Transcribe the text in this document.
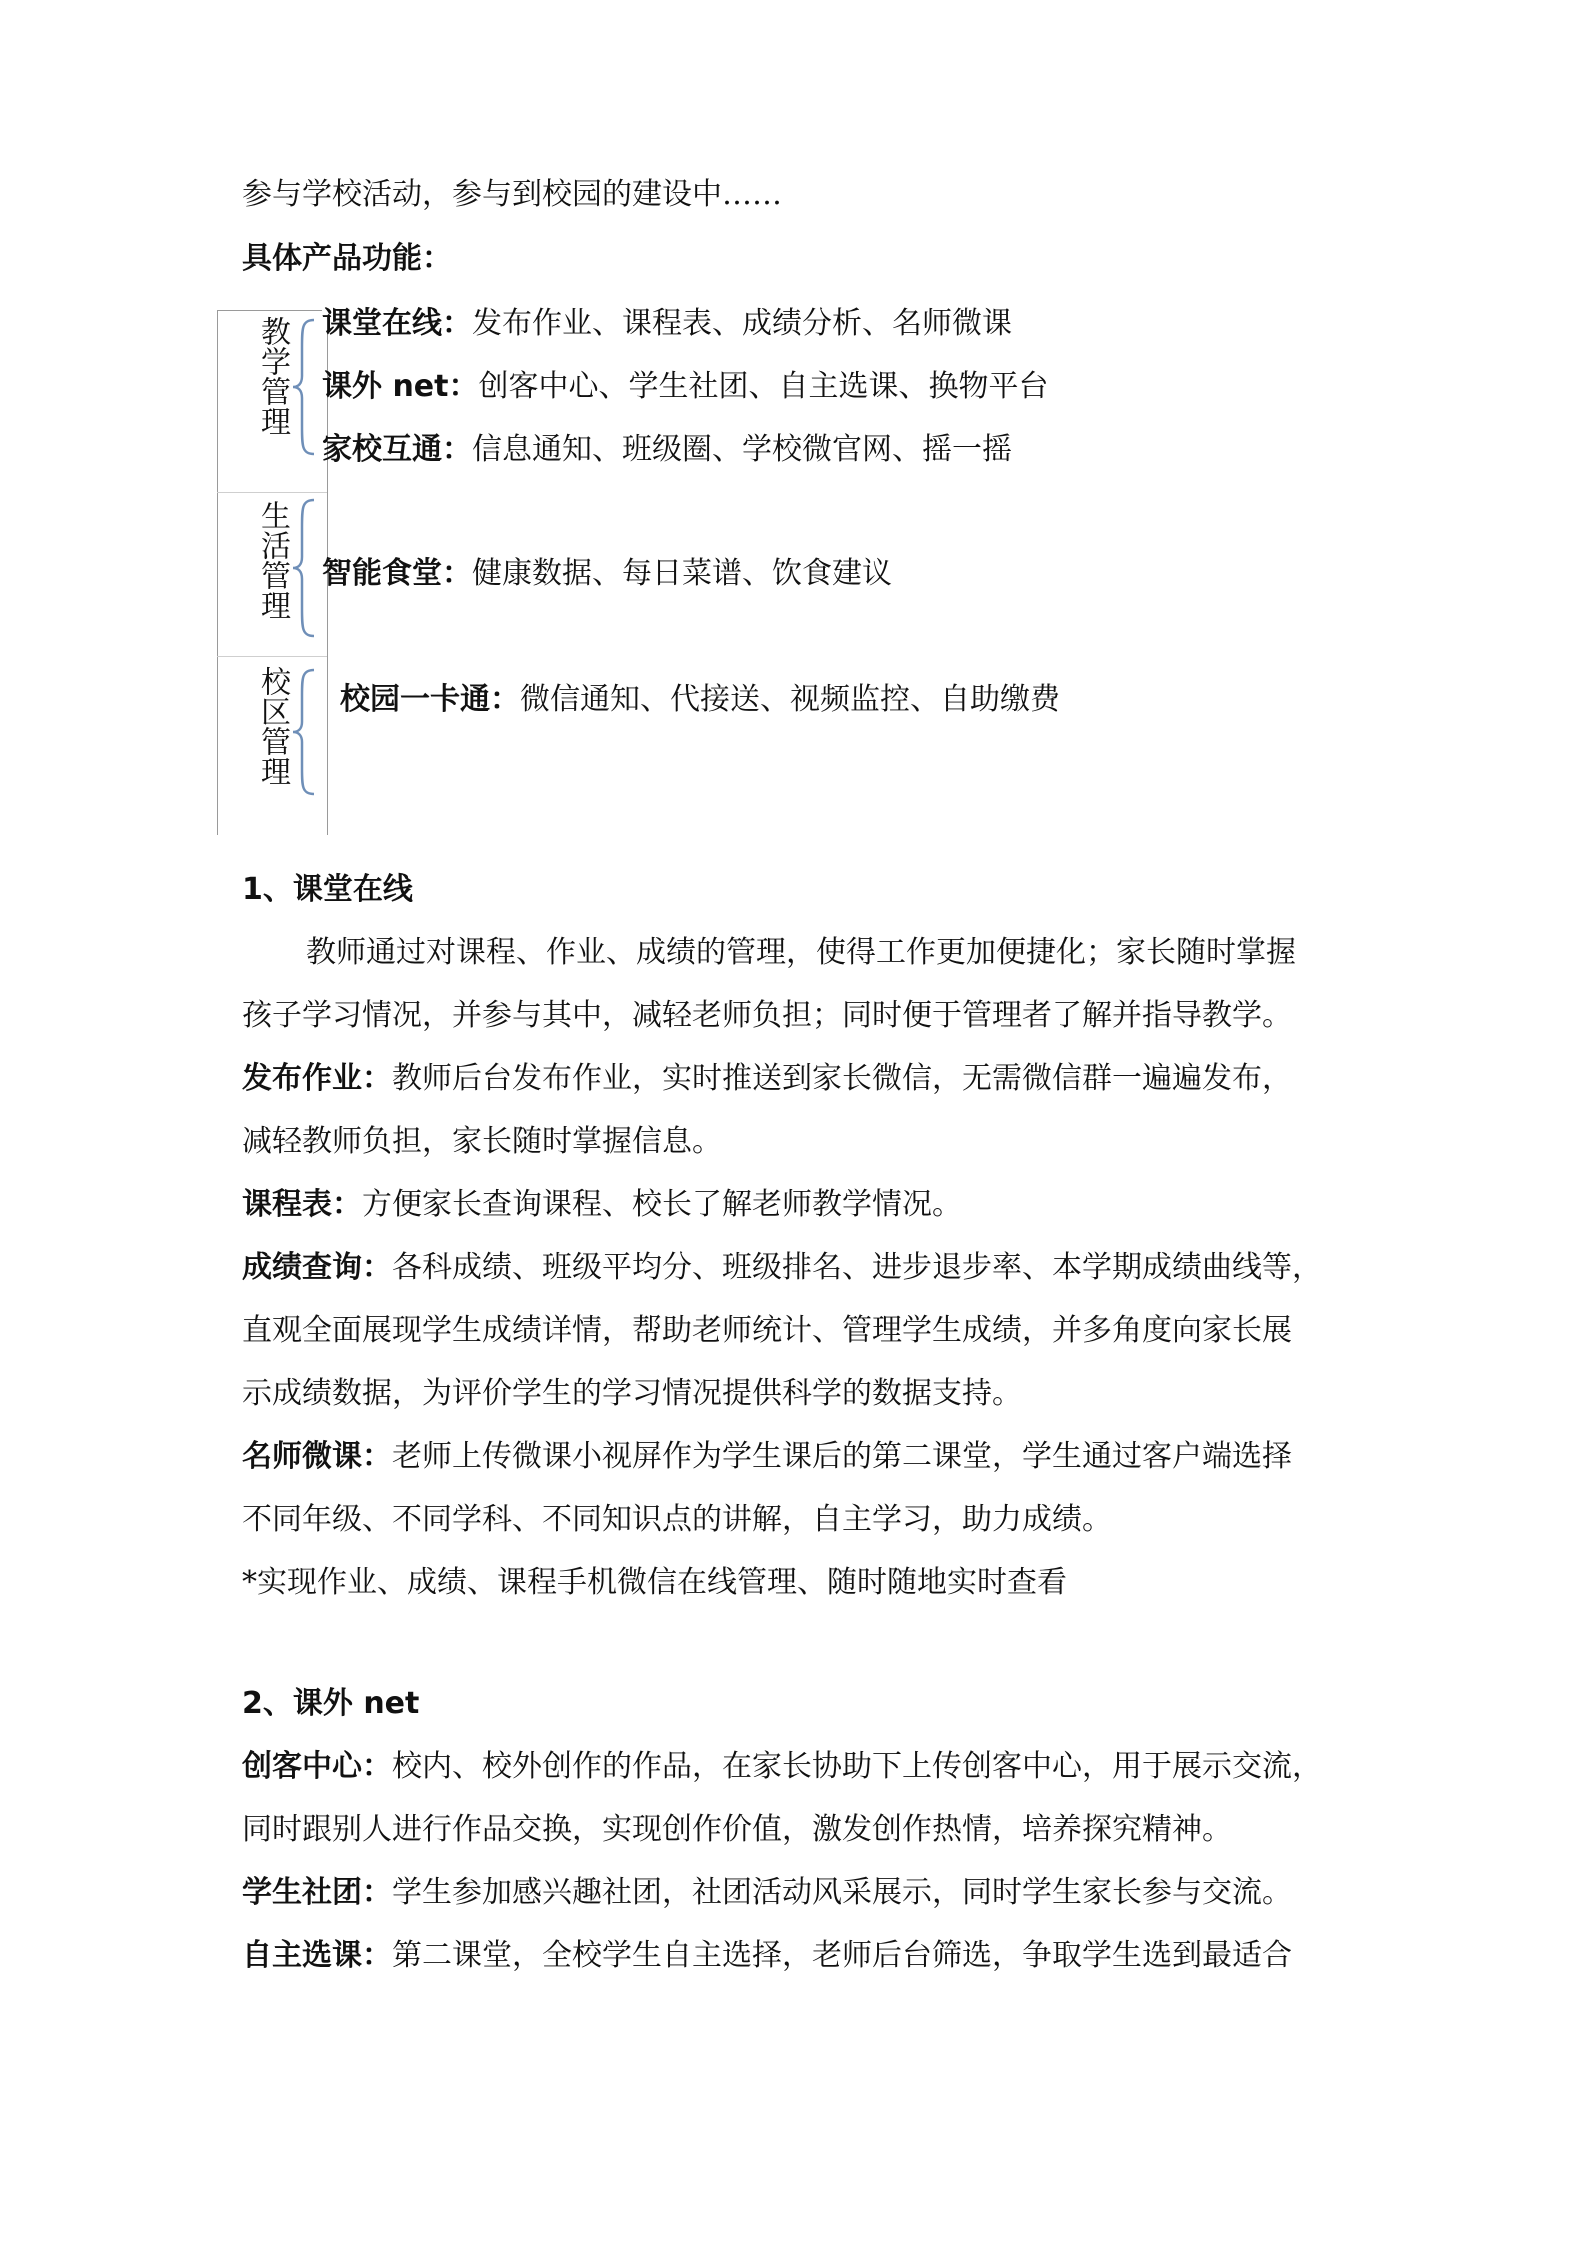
参与学校活动，参与到校园的建设中……

具体产品功能：

教学管理 课堂在线：发布作业、课程表、成绩分析、名师微课
课外 net：创客中心、学生社团、自主选课、换物平台
家校互通：信息通知、班级圈、学校微官网、摇一摇
生活管理 智能食堂：健康数据、每日菜谱、饮食建议
校区管理 校园一卡通：微信通知、代接送、视频监控、自助缴费

1、课堂在线

教师通过对课程、作业、成绩的管理，使得工作更加便捷化；家长随时掌握

孩子学习情况，并参与其中，减轻老师负担；同时便于管理者了解并指导教学。

发布作业：教师后台发布作业，实时推送到家长微信，无需微信群一遍遍发布，

减轻教师负担，家长随时掌握信息。

课程表：方便家长查询课程、校长了解老师教学情况。

成绩查询：各科成绩、班级平均分、班级排名、进步退步率、本学期成绩曲线等，

直观全面展现学生成绩详情，帮助老师统计、管理学生成绩，并多角度向家长展

示成绩数据，为评价学生的学习情况提供科学的数据支持。

名师微课：老师上传微课小视屏作为学生课后的第二课堂，学生通过客户端选择

不同年级、不同学科、不同知识点的讲解，自主学习，助力成绩。

*实现作业、成绩、课程手机微信在线管理、随时随地实时查看

2、课外 net

创客中心：校内、校外创作的作品，在家长协助下上传创客中心，用于展示交流，

同时跟别人进行作品交换，实现创作价值，激发创作热情，培养探究精神。

学生社团：学生参加感兴趣社团，社团活动风采展示，同时学生家长参与交流。

自主选课：第二课堂，全校学生自主选择，老师后台筛选，争取学生选到最适合
